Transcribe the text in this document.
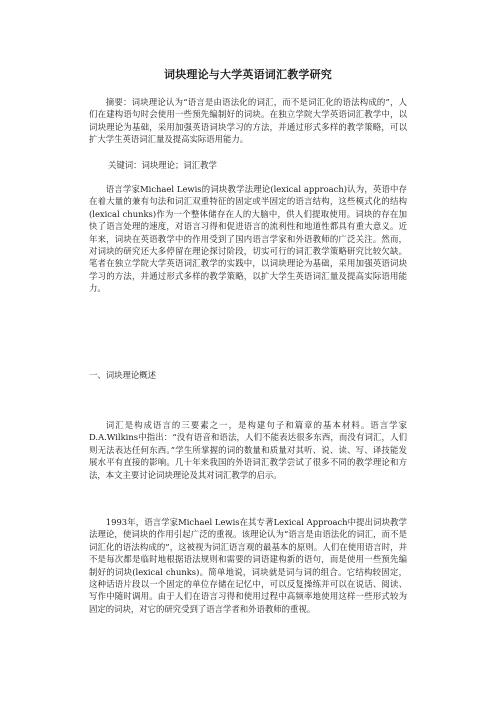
词块理论与大学英语词汇教学研究

摘要：词块理论认为“语言是由语法化的词汇，而不是词汇化的语法构成的”，人们在建构语句时会使用一些预先编制好的词块。在独立学院大学英语词汇教学中，以词块理论为基础，采用加强英语词块学习的方法，并通过形式多样的教学策略，可以扩大学生英语词汇量及提高实际语用能力。

关键词：词块理论；词汇教学

语言学家Michael Lewis的词块教学法理论(lexical approach)认为，英语中存在着大量的兼有句法和词汇双重特征的固定或半固定的语言结构，这些模式化的结构(lexical chunks)作为一个整体储存在人的大脑中，供人们提取使用。词块的存在加快了语言处理的速度，对语言习得和促进语言的流利性和地道性都具有重大意义。近年来，词块在英语教学中的作用受到了国内语言学家和外语教师的广泛关注。然而，对词块的研究还大多停留在理论探讨阶段，切实可行的词汇教学策略研究比较欠缺。笔者在独立学院大学英语词汇教学的实践中，以词块理论为基础，采用加强英语词块学习的方法，并通过形式多样的教学策略，以扩大学生英语词汇量及提高实际语用能力。

一、词块理论概述

词汇是构成语言的三要素之一，是构建句子和篇章的基本材料。语言学家D.A.Wilkins中指出：“没有语音和语法，人们不能表达很多东西，而没有词汇，人们则无法表达任何东西。”学生所掌握的词的数量和质量对其听、说、读、写、译技能发展水平有直接的影响。几十年来我国的外语词汇教学尝试了很多不同的教学理论和方法，本文主要讨论词块理论及其对词汇教学的启示。

1993年，语言学家Michael Lewis在其专著Lexical Approach中提出词块教学法理论，使词块的作用引起广泛的重视。该理论认为“语言是由语法化的词汇，而不是词汇化的语法构成的”，这被视为词汇语言观的最基本的原则。人们在使用语言时，并不是每次都是临时地根据语法规则和需要的词语建构新的语句，而是使用一些预先编制好的词块(lexical chunks)。简单地说，词块就是词与词的组合。它结构较固定，这种话语片段以一个固定的单位存储在记忆中，可以反复操练并可以在说话、阅读、写作中随时调用。由于人们在语言习得和使用过程中高频率地使用这样一些形式较为固定的词块，对它的研究受到了语言学者和外语教师的重视。
